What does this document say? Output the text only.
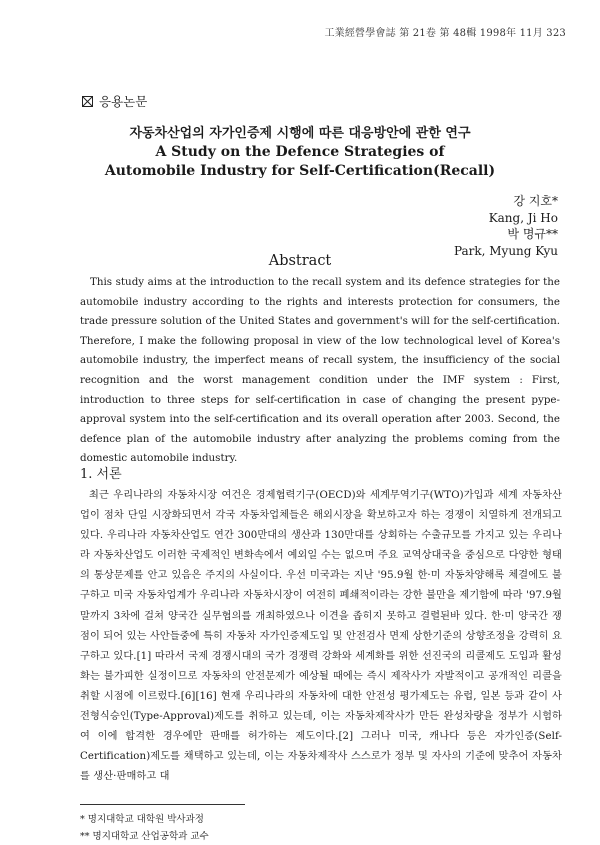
工業經營學會誌 第 21卷 第 48輯 1998年 11月 323
응용논문
자동차산업의 자가인증제 시행에 따른 대응방안에 관한 연구
A Study on the Defence Strategies of
Automobile Industry for Self-Certification(Recall)
강 지호*
Kang, Ji Ho
박 명규**
Park, Myung Kyu
Abstract
This study aims at the introduction to the recall system and its defence strategies for the automobile industry according to the rights and interests protection for consumers, the trade pressure solution of the United States and government's will for the self-certification. Therefore, I make the following proposal in view of the low technological level of Korea's automobile industry, the imperfect means of recall system, the insufficiency of the social recognition and the worst management condition under the IMF system : First, introduction to three steps for self-certification in case of changing the present pype-approval system into the self-certification and its overall operation after 2003. Second, the defence plan of the automobile industry after analyzing the problems coming from the domestic automobile industry.
1. 서론
최근 우리나라의 자동차시장 여건은 경제협력기구(OECD)와 세계무역기구(WTO)가입과 세계 자동차산업이 점차 단일 시장화되면서 각국 자동차업체들은 해외시장을 확보하고자 하는 경쟁이 치열하게 전개되고 있다. 우리나라 자동차산업도 연간 300만대의 생산과 130만대를 상회하는 수출규모를 가지고 있는 우리나라 자동차산업도 이러한 국제적인 변화속에서 예외일 수는 없으며 주요 교역상대국을 중심으로 다양한 형태의 통상문제를 안고 있음은 주지의 사실이다. 우선 미국과는 지난 '95.9월 한·미 자동차양해록 체결에도 불구하고 미국 자동차업계가 우리나라 자동차시장이 여전히 폐쇄적이라는 강한 불만을 제기함에 따라 '97.9월말까지 3차에 걸쳐 양국간 실무협의를 개최하였으나 이견을 좁히지 못하고 결렬된바 있다. 한·미 양국간 쟁점이 되어 있는 사안들중에 특히 자동차 자가인증제도입 및 안전검사 면제 상한기준의 상향조정을 강력히 요구하고 있다.[1] 따라서 국제 경쟁시대의 국가 경쟁력 강화와 세계화를 위한 선진국의 리콜제도 도입과 활성화는 불가피한 실정이므로 자동차의 안전문제가 예상될 때에는 즉시 제작사가 자발적이고 공개적인 리콜을 취할 시점에 이르렀다.[6][16] 현재 우리나라의 자동차에 대한 안전성 평가제도는 유럽, 일본 등과 같이 사전형식승인(Type-Approval)제도를 취하고 있는데, 이는 자동차제작사가 만든 완성차량을 정부가 시험하여 이에 합격한 경우에만 판매를 허가하는 제도이다.[2] 그러나 미국, 캐나다 등은 자가인증(Self-Certification)제도를 채택하고 있는데, 이는 자동차제작사 스스로가 정부 및 자사의 기준에 맞추어 자동차를 생산·판매하고 대
* 명지대학교 대학원 박사과정
** 명지대학교 산업공학과 교수
